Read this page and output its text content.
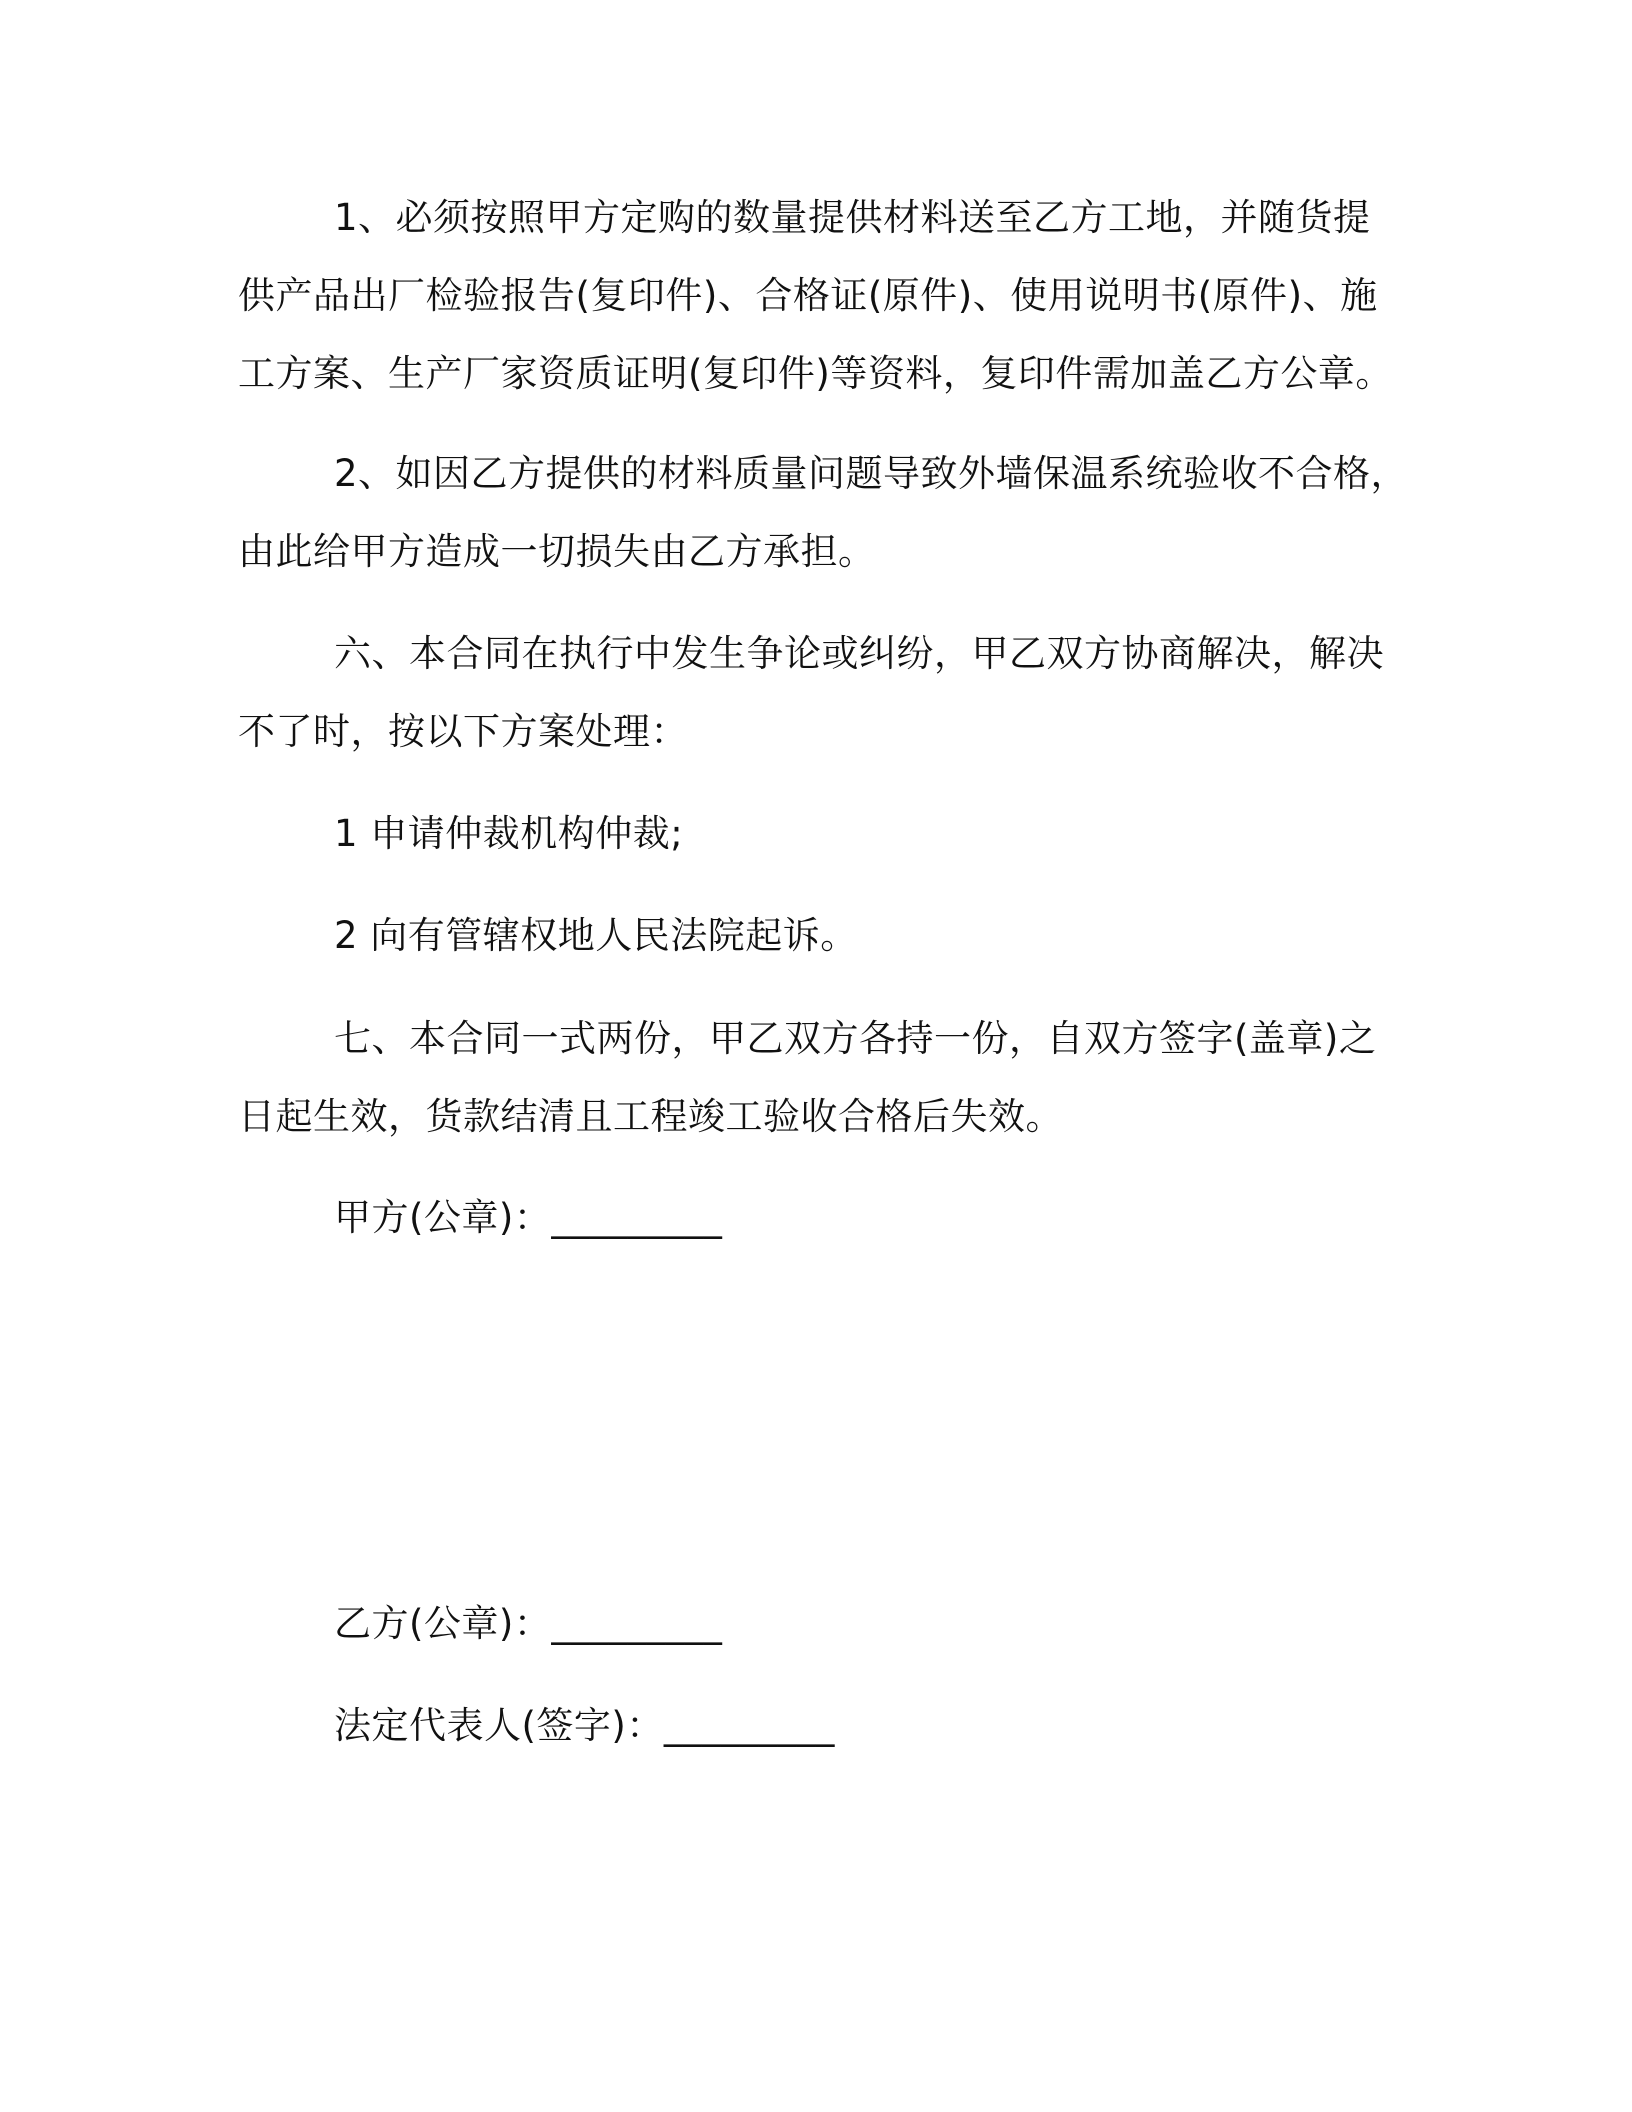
1、必须按照甲方定购的数量提供材料送至乙方工地，并随货提
供产品出厂检验报告(复印件)、合格证(原件)、使用说明书(原件)、施
工方案、生产厂家资质证明(复印件)等资料，复印件需加盖乙方公章。
2、如因乙方提供的材料质量问题导致外墙保温系统验收不合格，
由此给甲方造成一切损失由乙方承担。
六、本合同在执行中发生争论或纠纷，甲乙双方协商解决，解决
不了时，按以下方案处理：
1 申请仲裁机构仲裁;
2 向有管辖权地人民法院起诉。
七、本合同一式两份，甲乙双方各持一份，自双方签字(盖章)之
日起生效，货款结清且工程竣工验收合格后失效。
甲方(公章)：_________
乙方(公章)：_________
法定代表人(签字)：_________
